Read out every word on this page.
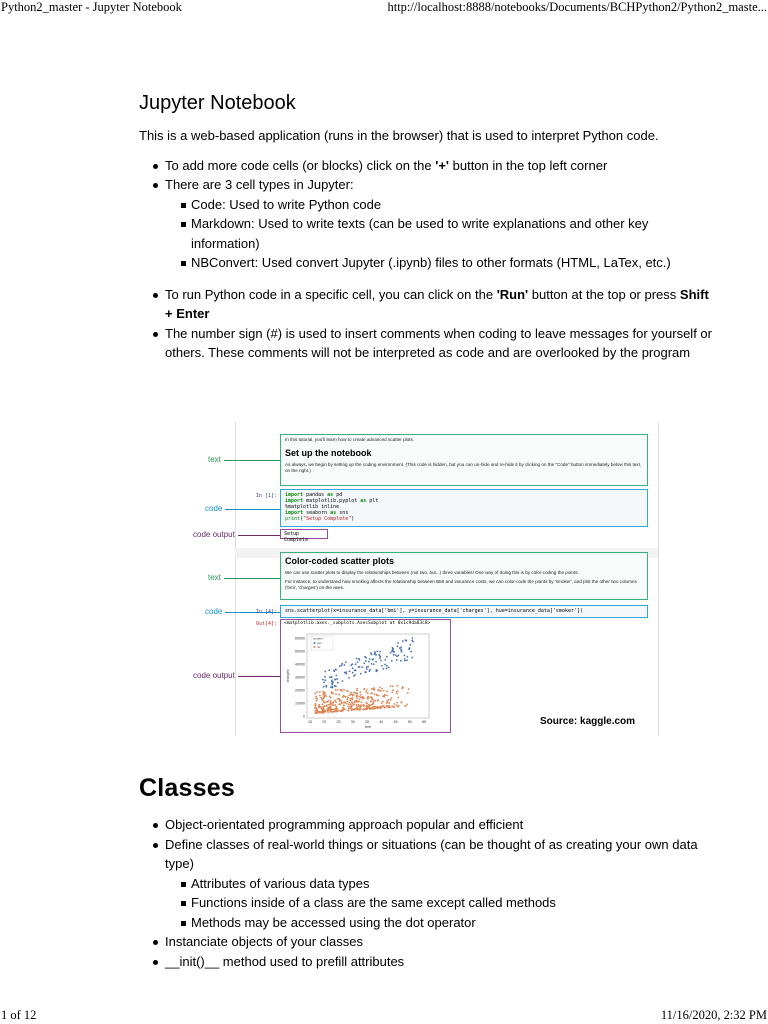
Python2_master - Jupyter Notebook	http://localhost:8888/notebooks/Documents/BCHPython2/Python2_maste...
Jupyter Notebook

This is a web-based application (runs in the browser) that is used to interpret Python code.

To add more code cells (or blocks) click on the '+' button in the top left corner
There are 3 cell types in Jupyter:
Code: Used to write Python code
Markdown: Used to write texts (can be used to write explanations and other key information)
NBConvert: Used convert Jupyter (.ipynb) files to other formats (HTML, LaTex, etc.)
To run Python code in a specific cell, you can click on the 'Run' button at the top or press Shift + Enter
The number sign (#) is used to insert comments when coding to leave messages for yourself or others. These comments will not be interpreted as code and are overlooked by the program
text
code
code output
text
code
code output
In this tutorial, you'll learn how to create advanced scatter plots.
Set up the notebook
As always, we begin by setting up the coding environment. (This code is hidden, but you can un-hide and re-hide it by clicking on the "Code" button immediately below this text, on the right.)
In [1]: import pandas as pd
import matplotlib.pyplot as plt
%matplotlib inline
import seaborn as sns
print("Setup Complete")
Setup Complete
Color-coded scatter plots
We can use scatter plots to display the relationships between (not two, but...) three variables! One way of doing this is by color-coding the points.
For instance, to understand how smoking affects the relationship between BMI and insurance costs, we can color-code the points by 'smoker', and plot the other two columns ('bmi', 'charges') on the axes.
In [4]:	sns.scatterplot(x=insurance_data['bmi'], y=insurance_data['charges'], hue=insurance_data['smoker'])
Out[4]:	<matplotlib.axes._subplots.AxesSubplot at 0x1c9da83c8>
60000
50000
40000
30000
20000
10000
0
15	20	25	30	35	40	45	50	55
charges
bmi
smoker
yes
no
Source: kaggle.com
Classes
Object-orientated programming approach popular and efficient
Define classes of real-world things or situations (can be thought of as creating your own data type)
Attributes of various data types
Functions inside of a class are the same except called methods
Methods may be accessed using the dot operator
Instanciate objects of your classes
__init()__ method used to prefill attributes
1 of 12	11/16/2020, 2:32 PM
